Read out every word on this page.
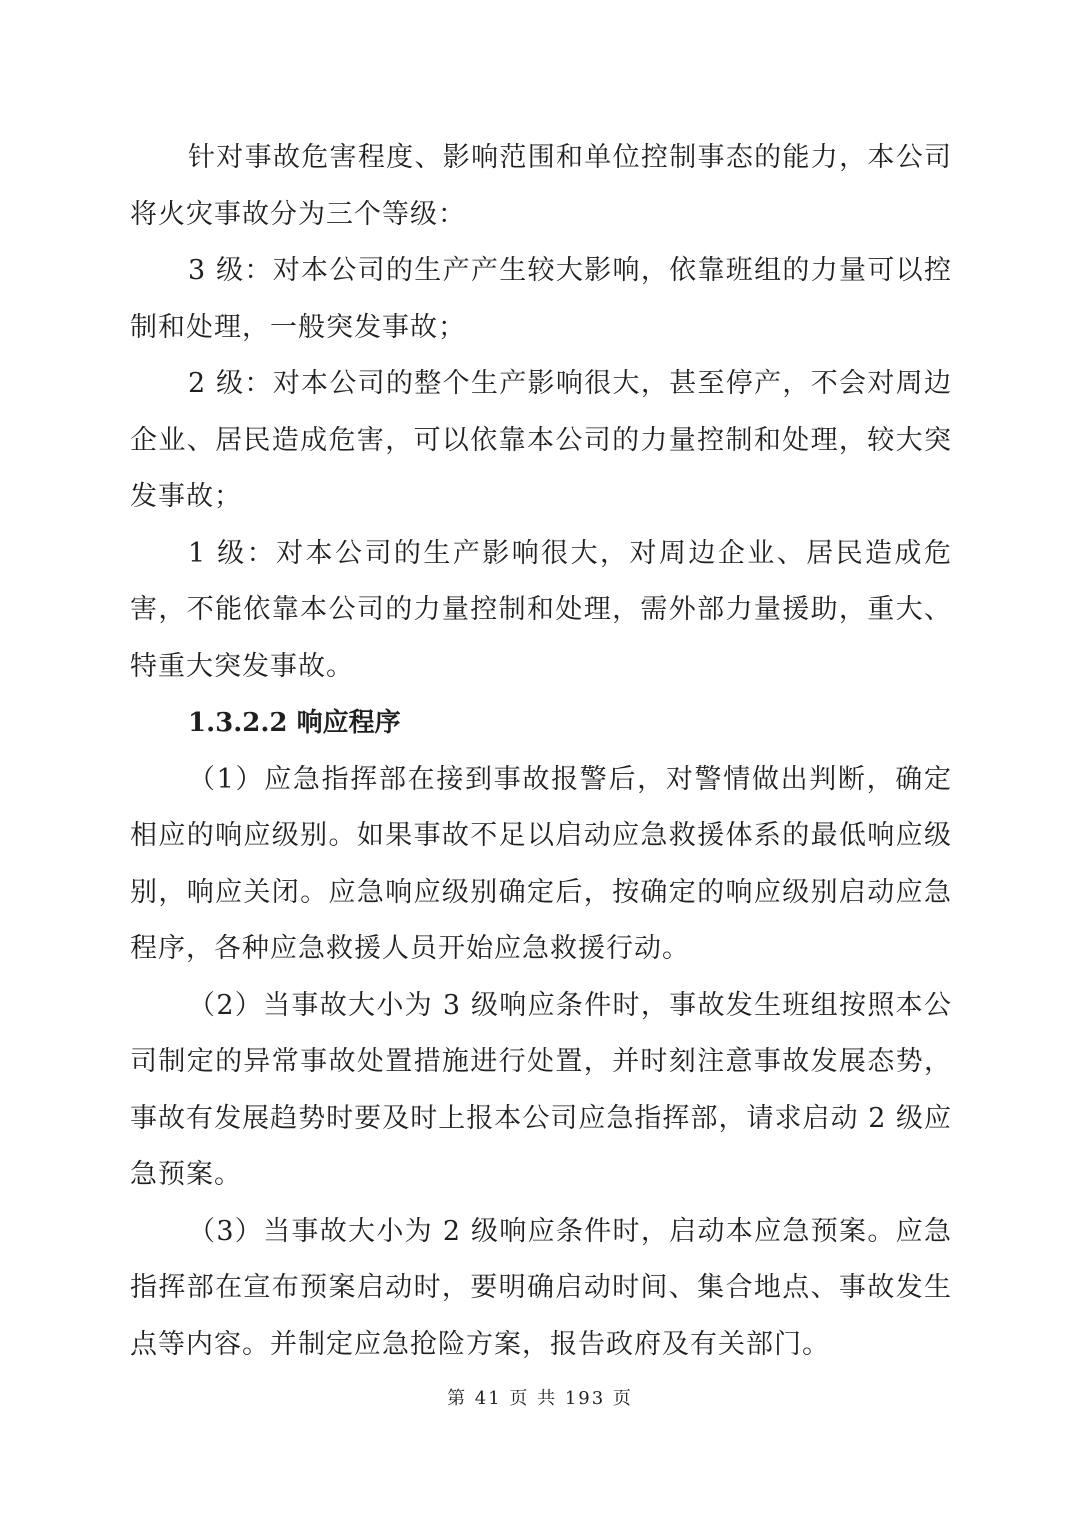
针对事故危害程度、影响范围和单位控制事态的能力，本公司将火灾事故分为三个等级：

3 级：对本公司的生产产生较大影响，依靠班组的力量可以控制和处理，一般突发事故；

2 级：对本公司的整个生产影响很大，甚至停产，不会对周边企业、居民造成危害，可以依靠本公司的力量控制和处理，较大突发事故；

1 级：对本公司的生产影响很大，对周边企业、居民造成危害，不能依靠本公司的力量控制和处理，需外部力量援助，重大、特重大突发事故。

1.3.2.2 响应程序

（1）应急指挥部在接到事故报警后，对警情做出判断，确定相应的响应级别。如果事故不足以启动应急救援体系的最低响应级别，响应关闭。应急响应级别确定后，按确定的响应级别启动应急程序，各种应急救援人员开始应急救援行动。

（2）当事故大小为 3 级响应条件时，事故发生班组按照本公司制定的异常事故处置措施进行处置，并时刻注意事故发展态势，事故有发展趋势时要及时上报本公司应急指挥部，请求启动 2 级应急预案。

（3）当事故大小为 2 级响应条件时，启动本应急预案。应急指挥部在宣布预案启动时，要明确启动时间、集合地点、事故发生点等内容。并制定应急抢险方案，报告政府及有关部门。

第 41 页 共 193 页
